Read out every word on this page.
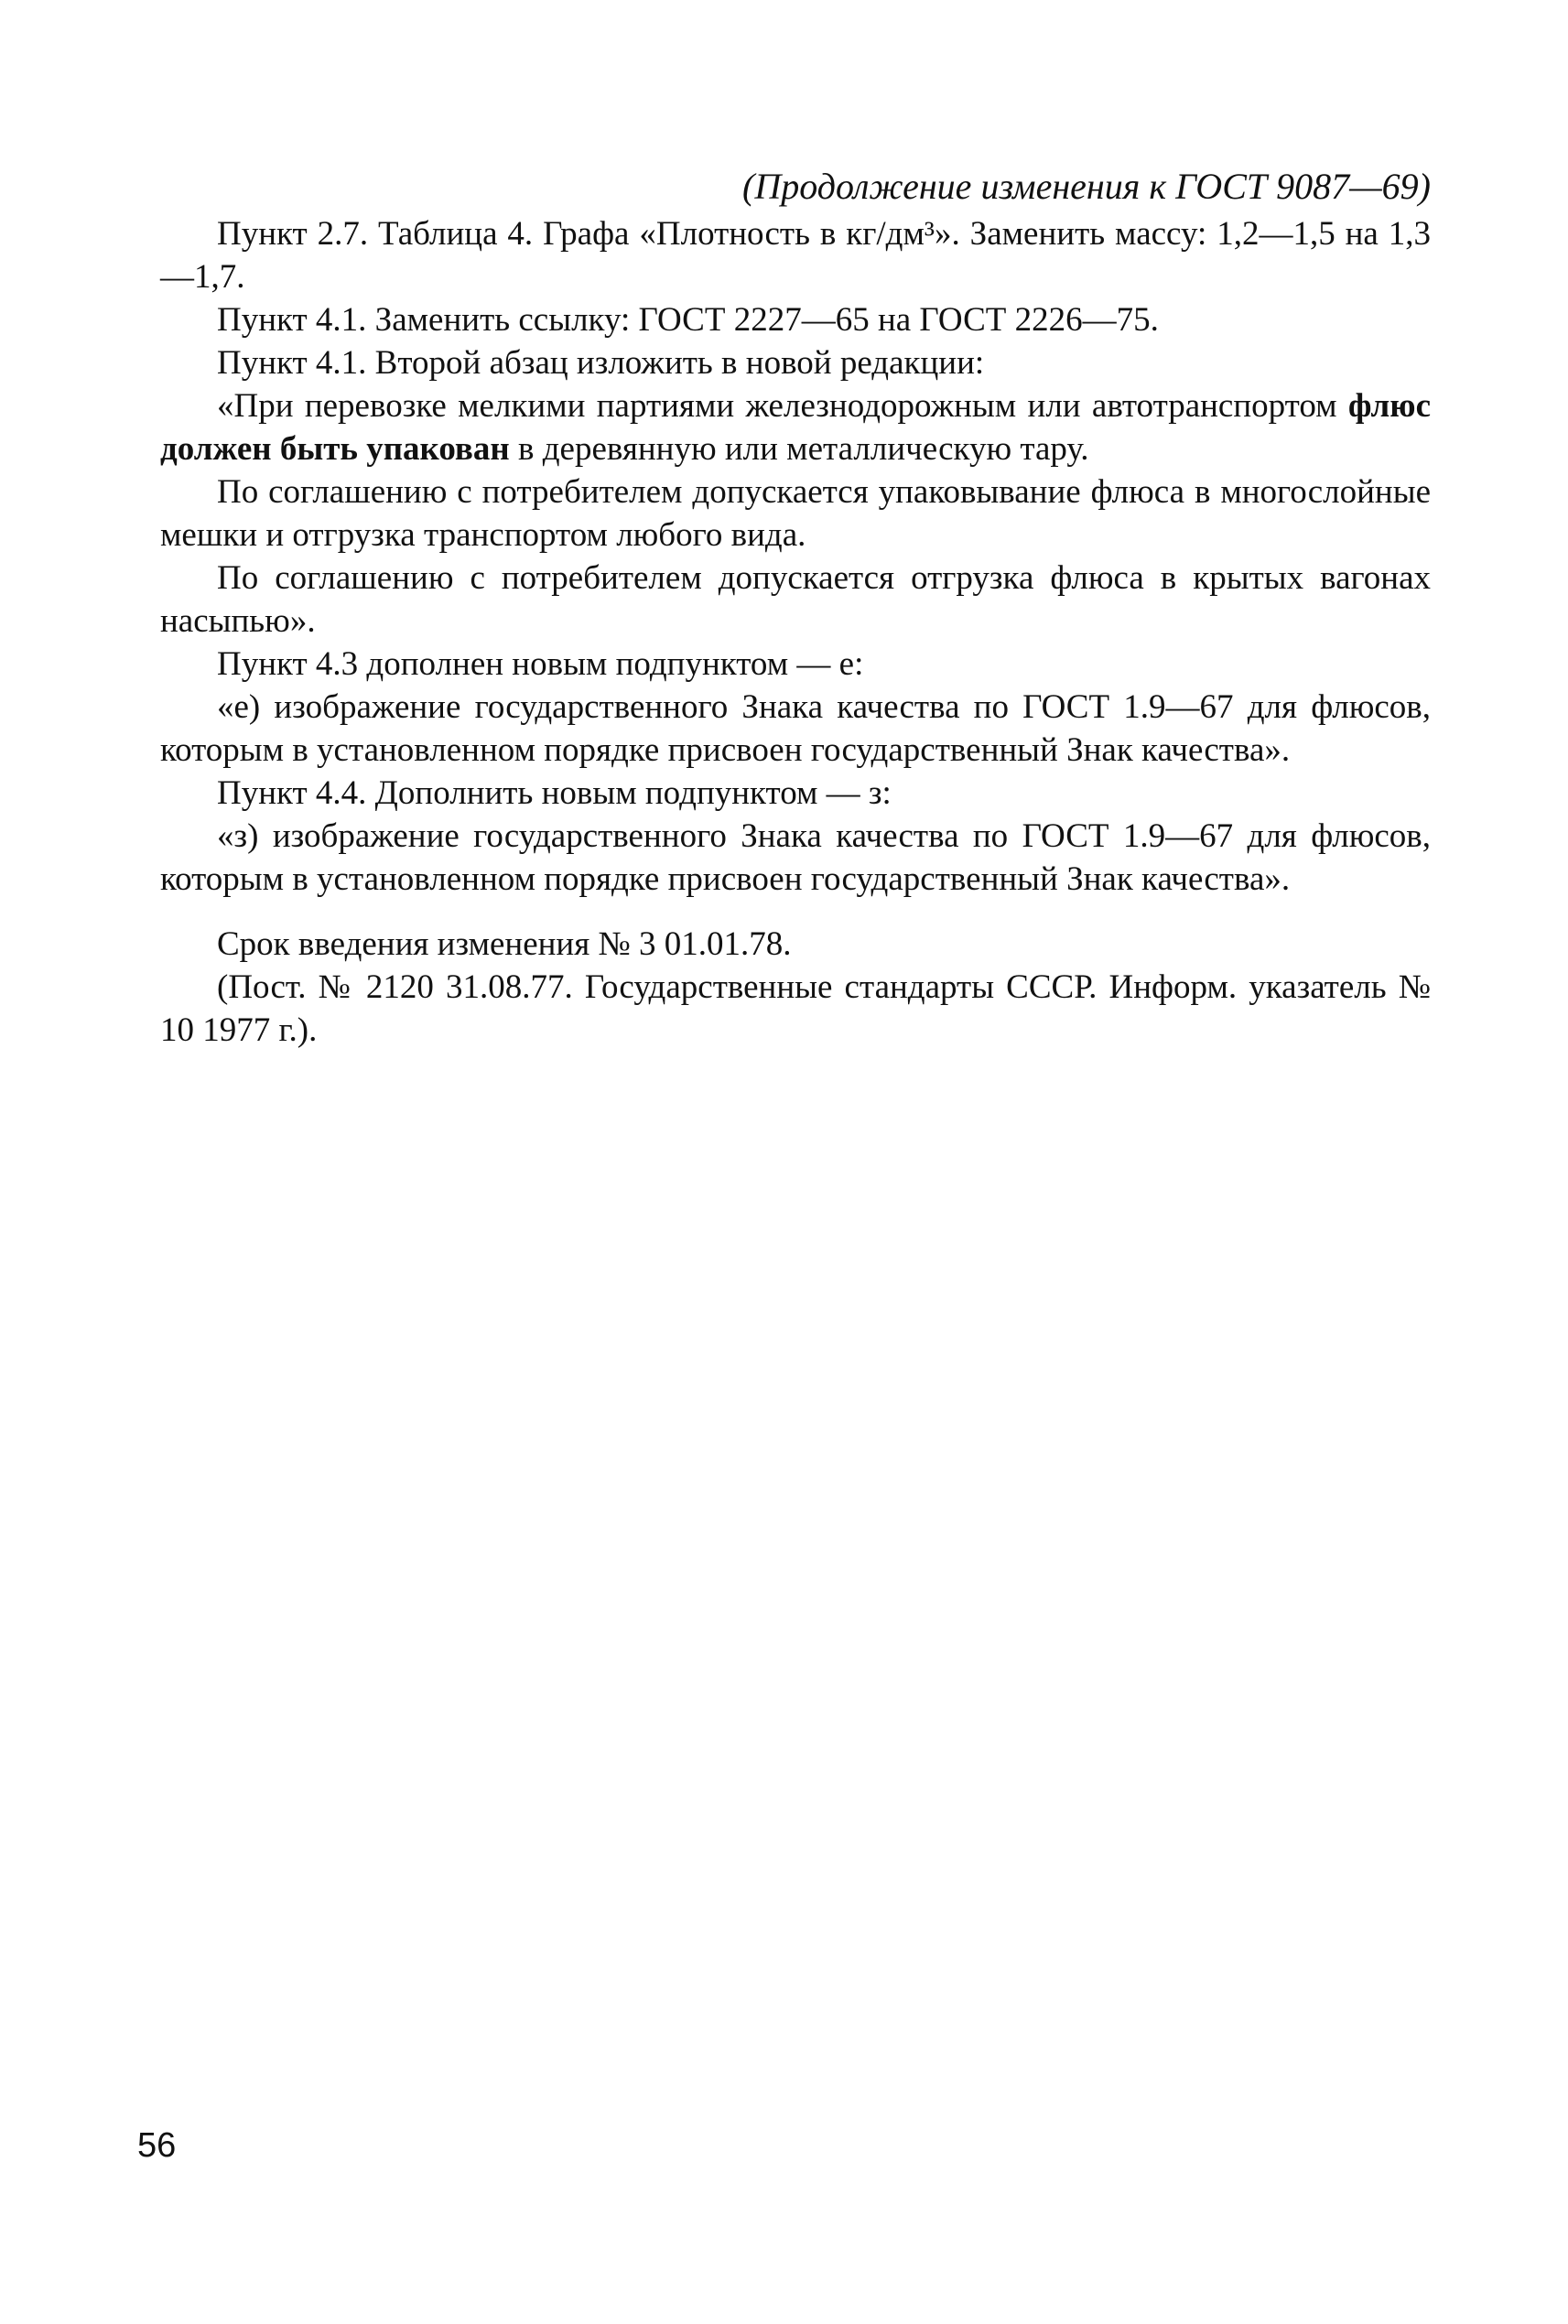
(Продолжение изменения к ГОСТ 9087—69)

Пункт 2.7. Таблица 4. Графа «Плотность в кг/дм³». Заменить массу: 1,2—1,5 на 1,3—1,7.

Пункт 4.1. Заменить ссылку: ГОСТ 2227—65 на ГОСТ 2226—75.

Пункт 4.1. Второй абзац изложить в новой редакции:

«При перевозке мелкими партиями железнодорожным или автотранспортом флюс должен быть упакован в деревянную или металлическую тару.

По соглашению с потребителем допускается упаковывание флюса в многослойные мешки и отгрузка транспортом любого вида.

По соглашению с потребителем допускается отгрузка флюса в крытых вагонах насыпью».

Пункт 4.3 дополнен новым подпунктом — е:

«е) изображение государственного Знака качества по ГОСТ 1.9—67 для флюсов, которым в установленном порядке присвоен государственный Знак качества».

Пункт 4.4. Дополнить новым подпунктом — з:

«з) изображение государственного Знака качества по ГОСТ 1.9—67 для флюсов, которым в установленном порядке присвоен государственный Знак качества».

Срок введения изменения № 3 01.01.78.

(Пост. № 2120 31.08.77. Государственные стандарты СССР. Информ. указатель № 10 1977 г.).

56
